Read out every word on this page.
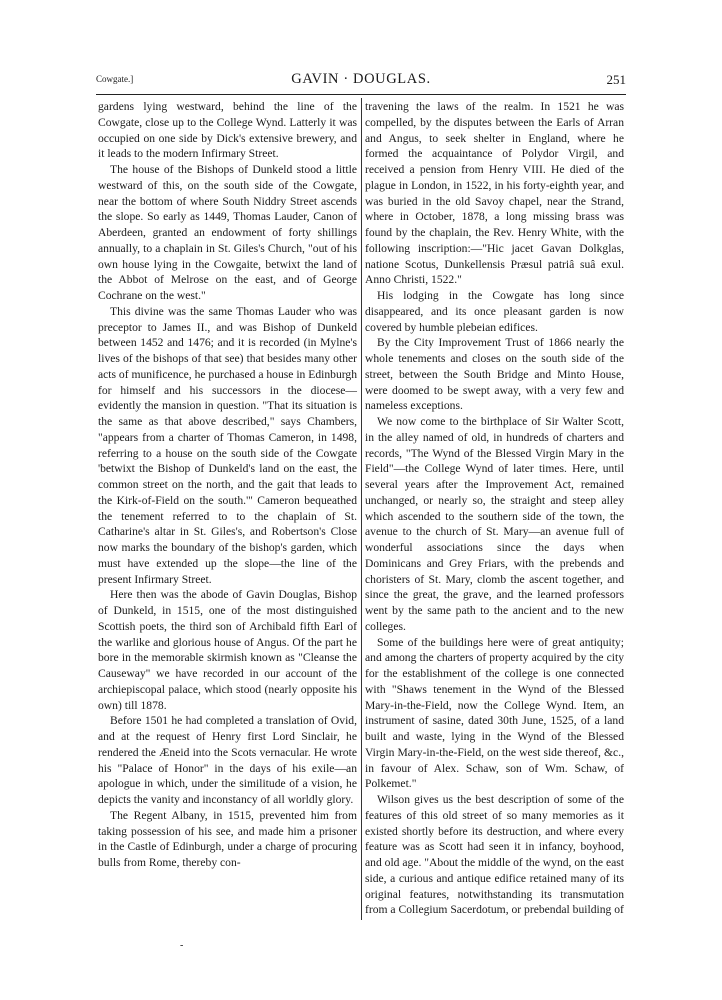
Cowgate.]	GAVIN · DOUGLAS.	251

gardens lying westward, behind the line of the Cowgate, close up to the College Wynd. Latterly it was occupied on one side by Dick's extensive brewery, and it leads to the modern Infirmary Street.

The house of the Bishops of Dunkeld stood a little westward of this, on the south side of the Cowgate, near the bottom of where South Niddry Street ascends the slope. So early as 1449, Thomas Lauder, Canon of Aberdeen, granted an endowment of forty shillings annually, to a chaplain in St. Giles's Church, "out of his own house lying in the Cowgaite, betwixt the land of the Abbot of Melrose on the east, and of George Cochrane on the west."

This divine was the same Thomas Lauder who was preceptor to James II., and was Bishop of Dunkeld between 1452 and 1476; and it is recorded (in Mylne's lives of the bishops of that see) that besides many other acts of munificence, he purchased a house in Edinburgh for himself and his successors in the diocese—evidently the mansion in question. "That its situation is the same as that above described," says Chambers, "appears from a charter of Thomas Cameron, in 1498, referring to a house on the south side of the Cowgate 'betwixt the Bishop of Dunkeld's land on the east, the common street on the north, and the gait that leads to the Kirk-of-Field on the south.'" Cameron bequeathed the tenement referred to to the chaplain of St. Catharine's altar in St. Giles's, and Robertson's Close now marks the boundary of the bishop's garden, which must have extended up the slope—the line of the present Infirmary Street.

Here then was the abode of Gavin Douglas, Bishop of Dunkeld, in 1515, one of the most distinguished Scottish poets, the third son of Archibald fifth Earl of the warlike and glorious house of Angus. Of the part he bore in the memorable skirmish known as "Cleanse the Causeway" we have recorded in our account of the archiepiscopal palace, which stood (nearly opposite his own) till 1878.

Before 1501 he had completed a translation of Ovid, and at the request of Henry first Lord Sinclair, he rendered the Æneid into the Scots vernacular. He wrote his "Palace of Honor" in the days of his exile—an apologue in which, under the similitude of a vision, he depicts the vanity and inconstancy of all worldly glory.

The Regent Albany, in 1515, prevented him from taking possession of his see, and made him a prisoner in the Castle of Edinburgh, under a charge of procuring bulls from Rome, thereby con-

travening the laws of the realm. In 1521 he was compelled, by the disputes between the Earls of Arran and Angus, to seek shelter in England, where he formed the acquaintance of Polydor Virgil, and received a pension from Henry VIII. He died of the plague in London, in 1522, in his forty-eighth year, and was buried in the old Savoy chapel, near the Strand, where in October, 1878, a long missing brass was found by the chaplain, the Rev. Henry White, with the following inscription:—"Hic jacet Gavan Dolkglas, natione Scotus, Dunkellensis Præsul patriâ suâ exul. Anno Christi, 1522."

His lodging in the Cowgate has long since disappeared, and its once pleasant garden is now covered by humble plebeian edifices.

By the City Improvement Trust of 1866 nearly the whole tenements and closes on the south side of the street, between the South Bridge and Minto House, were doomed to be swept away, with a very few and nameless exceptions.

We now come to the birthplace of Sir Walter Scott, in the alley named of old, in hundreds of charters and records, "The Wynd of the Blessed Virgin Mary in the Field"—the College Wynd of later times. Here, until several years after the Improvement Act, remained unchanged, or nearly so, the straight and steep alley which ascended to the southern side of the town, the avenue to the church of St. Mary—an avenue full of wonderful associations since the days when Dominicans and Grey Friars, with the prebends and choristers of St. Mary, clomb the ascent together, and since the great, the grave, and the learned professors went by the same path to the ancient and to the new colleges.

Some of the buildings here were of great antiquity; and among the charters of property acquired by the city for the establishment of the college is one connected with "Shaws tenement in the Wynd of the Blessed Mary-in-the-Field, now the College Wynd. Item, an instrument of sasine, dated 30th June, 1525, of a land built and waste, lying in the Wynd of the Blessed Virgin Mary-in-the-Field, on the west side thereof, &c., in favour of Alex. Schaw, son of Wm. Schaw, of Polkemet."

Wilson gives us the best description of some of the features of this old street of so many memories as it existed shortly before its destruction, and where every feature was as Scott had seen it in infancy, boyhood, and old age. "About the middle of the wynd, on the east side, a curious and antique edifice retained many of its original features, notwithstanding its transmutation from a Collegium Sacerdotum, or prebendal building of

-
